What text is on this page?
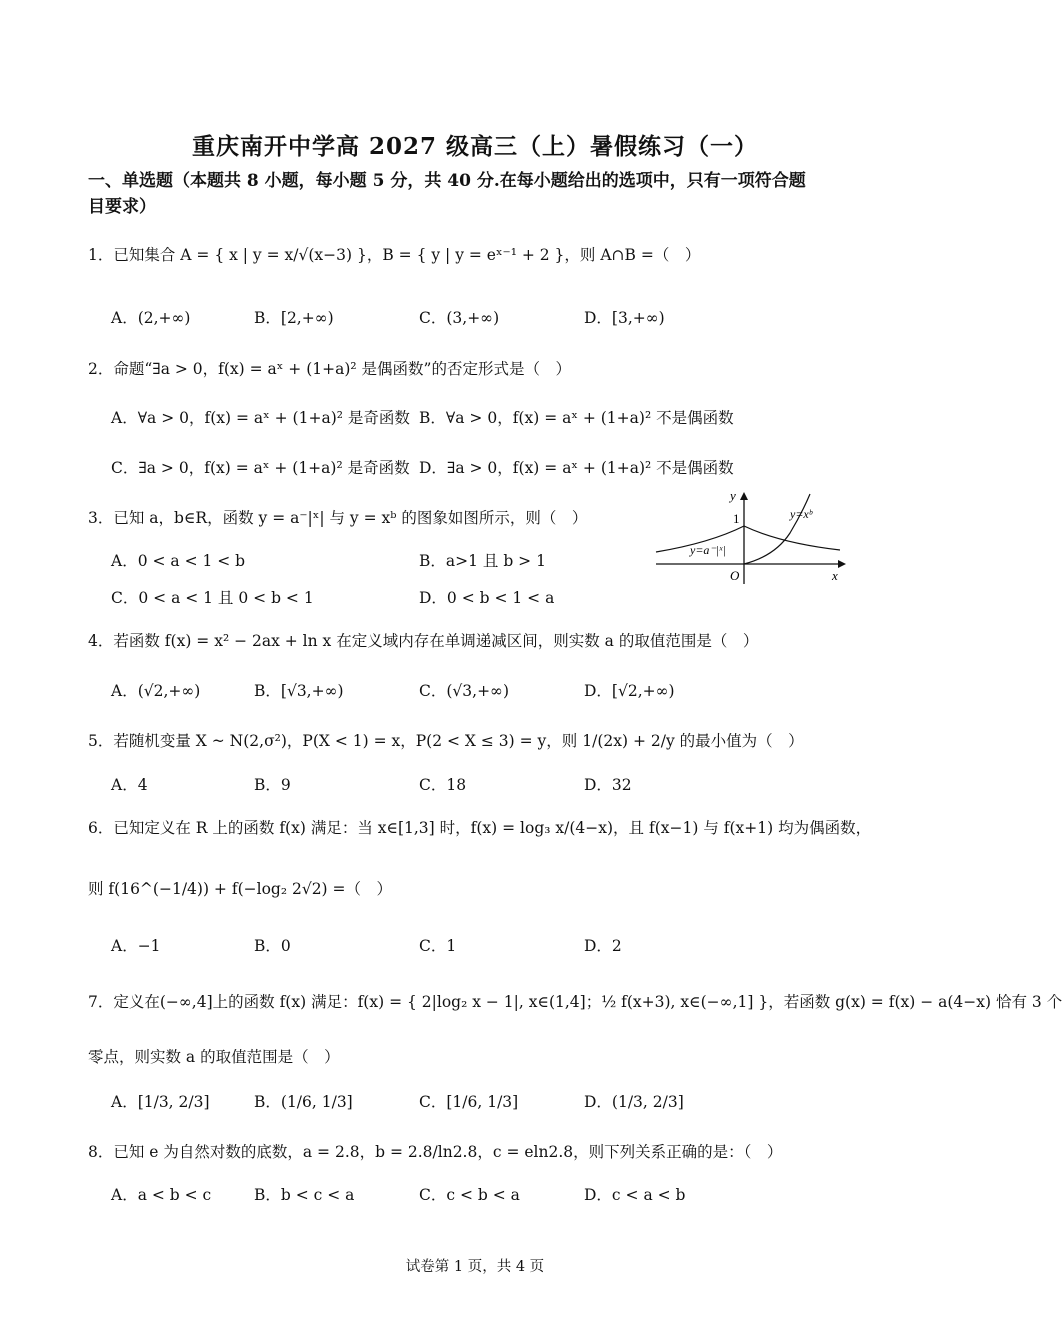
重庆南开中学高 2027 级高三（上）暑假练习（一）
一、单选题（本题共 8 小题，每小题 5 分，共 40 分.在每小题给出的选项中，只有一项符合题
目要求）
1．已知集合 A = { x | y = x/√(x−3) }，B = { y | y = eˣ⁻¹ + 2 }，则 A∩B =（　）
A．(2,+∞)	B．[2,+∞)	C．(3,+∞)	D．[3,+∞)
2．命题“∃a > 0，f(x) = aˣ + (1+a)² 是偶函数”的否定形式是（　）
A．∀a > 0，f(x) = aˣ + (1+a)² 是奇函数 B．∀a > 0，f(x) = aˣ + (1+a)² 不是偶函数
C．∃a > 0，f(x) = aˣ + (1+a)² 是奇函数 D．∃a > 0，f(x) = aˣ + (1+a)² 不是偶函数
3．已知 a，b∈R，函数 y = a⁻|ˣ| 与 y = xᵇ 的图象如图所示，则（　）
A．0 < a < 1 < b	B．a>1 且 b > 1
C．0 < a < 1 且 0 < b < 1	D．0 < b < 1 < a
y
x
O
1
y=a⁻|ˣ|
y=xᵇ
4．若函数 f(x) = x² − 2ax + ln x 在定义域内存在单调递减区间，则实数 a 的取值范围是（　）
A．(√2,+∞)	B．[√3,+∞)	C．(√3,+∞)	D．[√2,+∞)
5．若随机变量 X ~ N(2,σ²)，P(X < 1) = x，P(2 < X ≤ 3) = y，则 1/(2x) + 2/y 的最小值为（　）
A．4	B．9	C．18	D．32
6．已知定义在 R 上的函数 f(x) 满足：当 x∈[1,3] 时，f(x) = log₃ x/(4−x)，且 f(x−1) 与 f(x+1) 均为偶函数，
则 f(16^(−1/4)) + f(−log₂ 2√2) =（　）
A．−1	B．0	C．1	D．2
7．定义在(−∞,4]上的函数 f(x) 满足：f(x) = { 2|log₂ x − 1|, x∈(1,4]；½ f(x+3), x∈(−∞,1] }，若函数 g(x) = f(x) − a(4−x) 恰有 3 个
零点，则实数 a 的取值范围是（　）
A．[1/3, 2/3]	B．(1/6, 1/3]	C．[1/6, 1/3]	D．(1/3, 2/3]
8．已知 e 为自然对数的底数，a = 2.8，b = 2.8/ln2.8，c = eln2.8，则下列关系正确的是：（　）
A．a < b < c	B．b < c < a	C．c < b < a	D．c < a < b
试卷第 1 页，共 4 页
